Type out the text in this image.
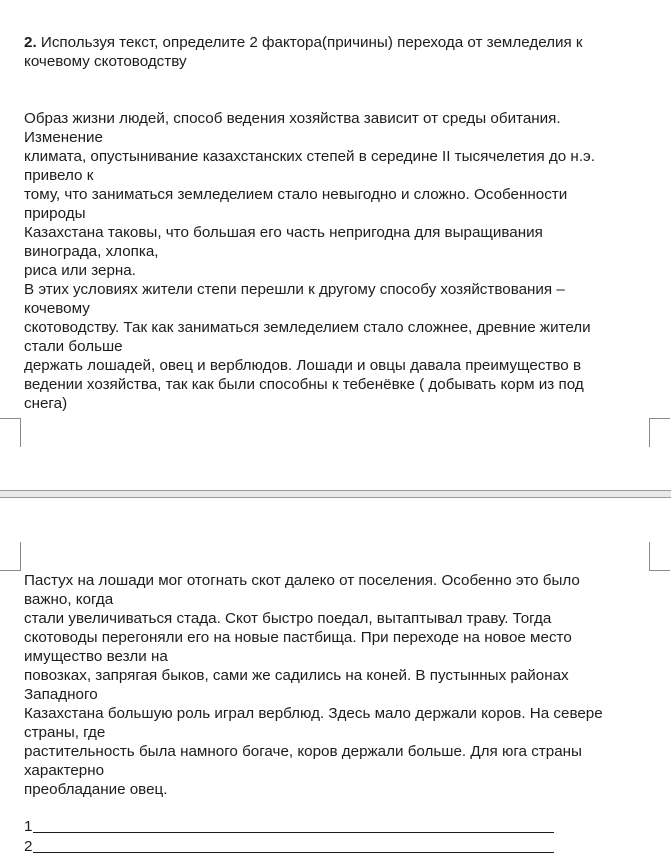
2. Используя текст, определите 2 фактора(причины) перехода от земледелия к кочевому скотоводству

Образ жизни людей, способ ведения хозяйства зависит от среды обитания.
Изменение
климата, опустынивание казахстанских степей в середине II тысячелетия до н.э.
привело к
тому, что заниматься земледелием стало невыгодно и сложно. Особенности
природы
Казахстана таковы, что большая его часть непригодна для выращивания
винограда, хлопка,
риса или зерна.
В этих условиях жители степи перешли к другому способу хозяйствования –
кочевому
скотоводству. Так как заниматься земледелием стало сложнее, древние жители
стали больше
держать лошадей, овец и верблюдов. Лошади и овцы давала преимущество в
ведении хозяйства, так как были способны к тебенёвке ( добывать корм из под
снега)
Пастух на лошади мог отогнать скот далеко от поселения. Особенно это было
важно, когда
стали увеличиваться стада. Скот быстро поедал, вытаптывал траву. Тогда
скотоводы перегоняли его на новые пастбища. При переходе на новое место
имущество везли на
повозках, запрягая быков, сами же садились на коней. В пустынных районах
Западного
Казахстана большую роль играл верблюд. Здесь мало держали коров. На севере
страны, где
растительность была намного богаче, коров держали больше. Для юга страны
характерно
преобладание овец.
1
2
